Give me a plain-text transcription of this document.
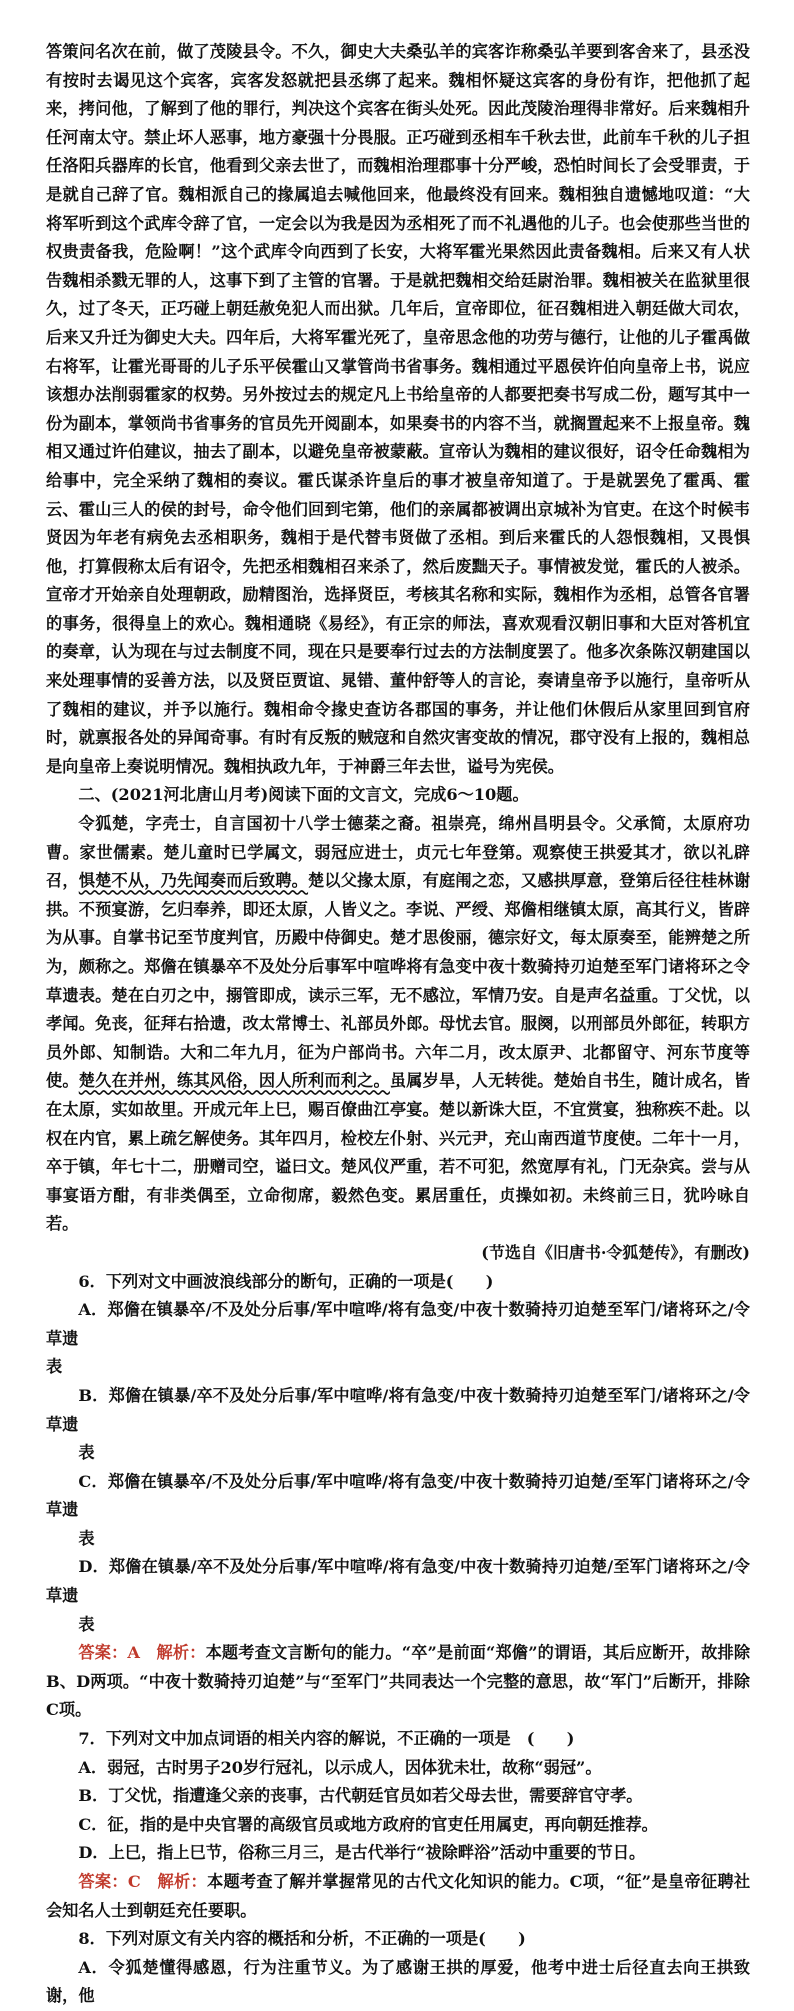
答策问名次在前，做了茂陵县令。不久，御史大夫桑弘羊的宾客诈称桑弘羊要到客舍来了，县丞没有按时去谒见这个宾客，宾客发怒就把县丞绑了起来。魏相怀疑这宾客的身份有诈，把他抓了起来，拷问他，了解到了他的罪行，判决这个宾客在街头处死。因此茂陵治理得非常好。后来魏相升任河南太守。禁止坏人恶事，地方豪强十分畏服。正巧碰到丞相车千秋去世，此前车千秋的儿子担任洛阳兵器库的长官，他看到父亲去世了，而魏相治理郡事十分严峻，恐怕时间长了会受罪责，于是就自己辞了官。魏相派自己的掾属追去喊他回来，他最终没有回来。魏相独自遗憾地叹道：“大将军听到这个武库令辞了官，一定会以为我是因为丞相死了而不礼遇他的儿子。也会使那些当世的权贵责备我，危险啊！”这个武库令向西到了长安，大将军霍光果然因此责备魏相。后来又有人状告魏相杀戮无罪的人，这事下到了主管的官署。于是就把魏相交给廷尉治罪。魏相被关在监狱里很久，过了冬天，正巧碰上朝廷赦免犯人而出狱。几年后，宣帝即位，征召魏相进入朝廷做大司农，后来又升迁为御史大夫。四年后，大将军霍光死了，皇帝思念他的功劳与德行，让他的儿子霍禹做右将军，让霍光哥哥的儿子乐平侯霍山又掌管尚书省事务。魏相通过平恩侯许伯向皇帝上书，说应该想办法削弱霍家的权势。另外按过去的规定凡上书给皇帝的人都要把奏书写成二份，题写其中一份为副本，掌领尚书省事务的官员先开阅副本，如果奏书的内容不当，就搁置起来不上报皇帝。魏相又通过许伯建议，抽去了副本，以避免皇帝被蒙蔽。宣帝认为魏相的建议很好，诏令任命魏相为给事中，完全采纳了魏相的奏议。霍氏谋杀许皇后的事才被皇帝知道了。于是就罢免了霍禹、霍云、霍山三人的侯的封号，命令他们回到宅第，他们的亲属都被调出京城补为官吏。在这个时候韦贤因为年老有病免去丞相职务，魏相于是代替韦贤做了丞相。到后来霍氏的人怨恨魏相，又畏惧他，打算假称太后有诏令，先把丞相魏相召来杀了，然后废黜天子。事情被发觉，霍氏的人被杀。宣帝才开始亲自处理朝政，励精图治，选择贤臣，考核其名称和实际，魏相作为丞相，总管各官署的事务，很得皇上的欢心。魏相通晓《易经》，有正宗的师法，喜欢观看汉朝旧事和大臣对答机宜的奏章，认为现在与过去制度不同，现在只是要奉行过去的方法制度罢了。他多次条陈汉朝建国以来处理事情的妥善方法，以及贤臣贾谊、晁错、董仲舒等人的言论，奏请皇帝予以施行，皇帝听从了魏相的建议，并予以施行。魏相命令掾史查访各郡国的事务，并让他们休假后从家里回到官府时，就禀报各处的异闻奇事。有时有反叛的贼寇和自然灾害变故的情况，郡守没有上报的，魏相总是向皇帝上奏说明情况。魏相执政九年，于神爵三年去世，谥号为宪侯。

二、(2021河北唐山月考)阅读下面的文言文，完成6～10题。

令狐楚，字壳士，自言国初十八学士德棻之裔。祖崇亮，绵州昌明县令。父承简，太原府功曹。家世儒素。楚儿童时已学属文，弱冠应进士，贞元七年登第。观察使王拱爱其才，欲以礼辟召，惧楚不从，乃先闻奏而后致聘。楚以父掾太原，有庭闱之恋，又感拱厚意，登第后径往桂林谢拱。不预宴游，乞归奉养，即还太原，人皆义之。李说、严绶、郑儋相继镇太原，高其行义，皆辟为从事。自掌书记至节度判官，历殿中侍御史。楚才思俊丽，德宗好文，每太原奏至，能辨楚之所为，颇称之。郑儋在镇暴卒不及处分后事军中喧哗将有急变中夜十数骑持刃迫楚至军门诸将环之令草遗表。楚在白刃之中，搦管即成，读示三军，无不感泣，军情乃安。自是声名益重。丁父忧，以孝闻。免丧，征拜右拾遗，改太常博士、礼部员外郎。母忧去官。服阕，以刑部员外郎征，转职方员外郎、知制诰。大和二年九月，征为户部尚书。六年二月，改太原尹、北都留守、河东节度等使。楚久在并州，练其风俗，因人所利而利之。虽属岁旱，人无转徙。楚始自书生，随计成名，皆在太原，实如故里。开成元年上巳，赐百僚曲江亭宴。楚以新诛大臣，不宜赏宴，独称疾不赴。以权在内官，累上疏乞解使务。其年四月，检校左仆射、兴元尹，充山南西道节度使。二年十一月，卒于镇，年七十二，册赠司空，谥曰文。楚风仪严重，若不可犯，然宽厚有礼，门无杂宾。尝与从事宴语方酣，有非类偶至，立命彻席，毅然色变。累居重任，贞操如初。未终前三日，犹吟咏自若。

(节选自《旧唐书·令狐楚传》，有删改)

6．下列对文中画波浪线部分的断句，正确的一项是(　　)

A．郑儋在镇暴卒/不及处分后事/军中喧哗/将有急变/中夜十数骑持刃迫楚至军门/诸将环之/令草遗
表

B．郑儋在镇暴/卒不及处分后事/军中喧哗/将有急变/中夜十数骑持刃迫楚至军门/诸将环之/令草遗
表

C．郑儋在镇暴卒/不及处分后事/军中喧哗/将有急变/中夜十数骑持刃迫楚/至军门诸将环之/令草遗
表

D．郑儋在镇暴/卒不及处分后事/军中喧哗/将有急变/中夜十数骑持刃迫楚/至军门诸将环之/令草遗
表

答案：A　 解析：本题考查文言断句的能力。“卒”是前面“郑儋”的谓语，其后应断开，故排除B、D两项。“中夜十数骑持刃迫楚”与“至军门”共同表达一个完整的意思，故“军门”后断开，排除C项。

7．下列对文中加点词语的相关内容的解说，不正确的一项是　(　　)

A．弱冠，古时男子20岁行冠礼，以示成人，因体犹未壮，故称“弱冠”。

B．丁父忧，指遭逢父亲的丧事，古代朝廷官员如若父母去世，需要辞官守孝。

C．征，指的是中央官署的高级官员或地方政府的官吏任用属吏，再向朝廷推荐。

D．上巳，指上巳节，俗称三月三，是古代举行“祓除畔浴”活动中重要的节日。

答案：C　 解析：本题考查了解并掌握常见的古代文化知识的能力。C项，“征”是皇帝征聘社会知名人士到朝廷充任要职。

8．下列对原文有关内容的概括和分析，不正确的一项是(　　)

A．令狐楚懂得感恩，行为注重节义。为了感谢王拱的厚爱，他考中进士后径直去向王拱致谢，他
